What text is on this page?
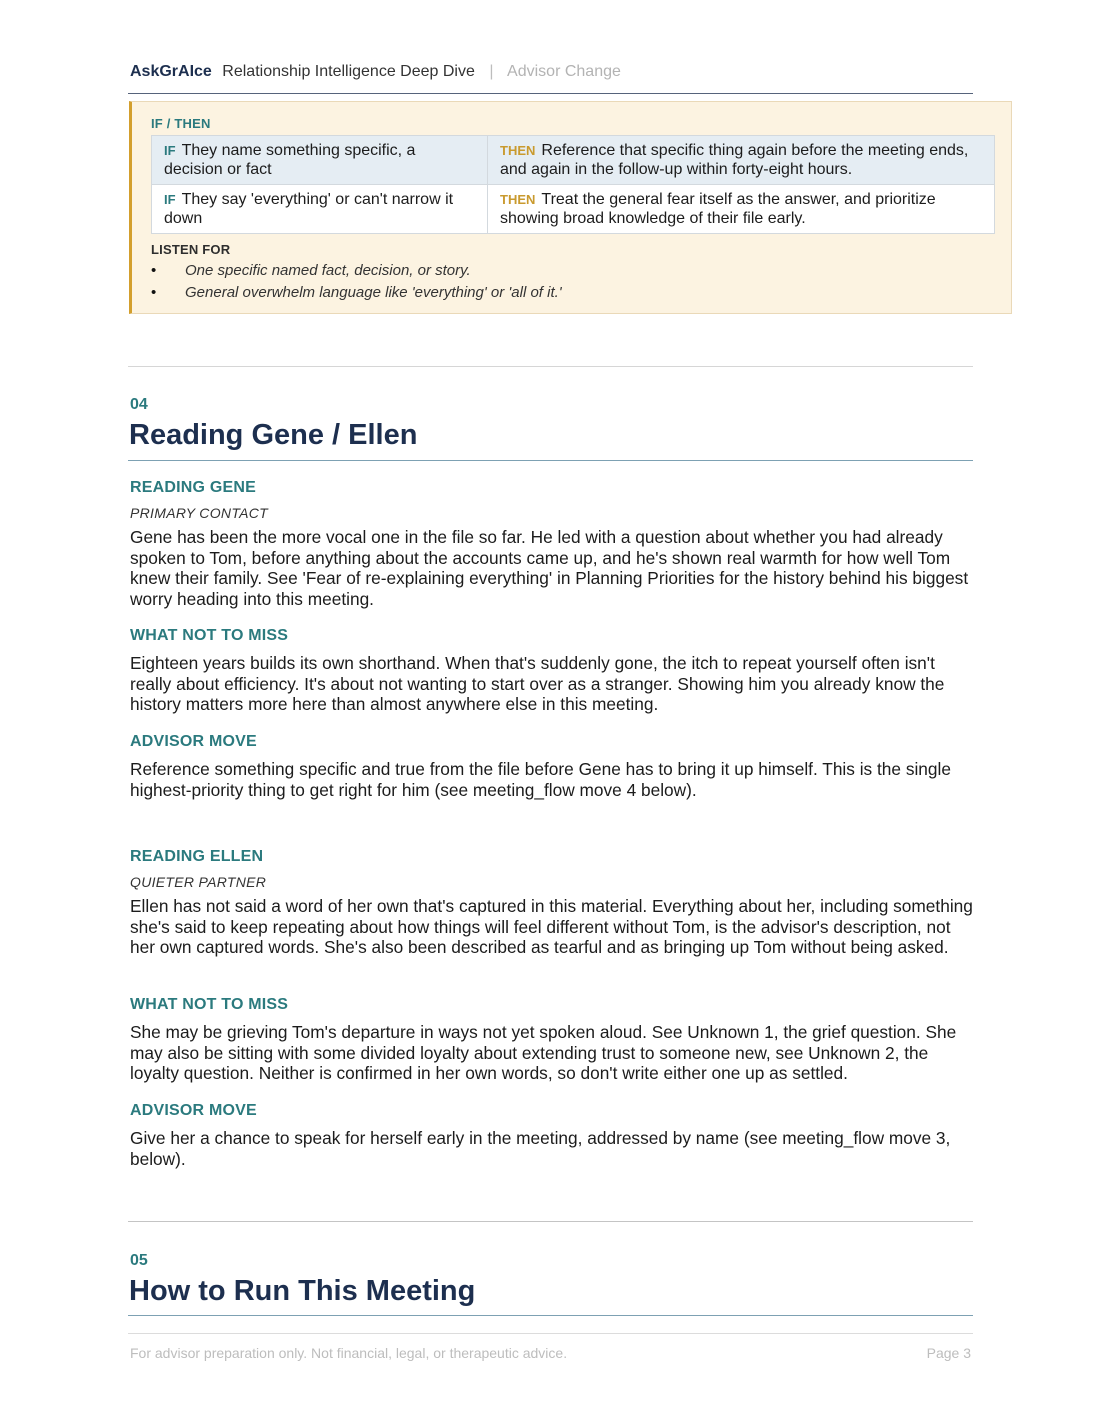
AskGrAIce Relationship Intelligence Deep Dive | Advisor Change
IF / THEN
IF They name something specific, a decision or fact	THEN Reference that specific thing again before the meeting ends, and again in the follow-up within forty-eight hours.
IF They say 'everything' or can't narrow it down	THEN Treat the general fear itself as the answer, and prioritize showing broad knowledge of their file early.
LISTEN FOR
• One specific named fact, decision, or story.
• General overwhelm language like 'everything' or 'all of it.'
04
Reading Gene / Ellen
READING GENE
PRIMARY CONTACT

Gene has been the more vocal one in the file so far. He led with a question about whether you had already spoken to Tom, before anything about the accounts came up, and he's shown real warmth for how well Tom knew their family. See 'Fear of re-explaining everything' in Planning Priorities for the history behind his biggest worry heading into this meeting.

WHAT NOT TO MISS

Eighteen years builds its own shorthand. When that's suddenly gone, the itch to repeat yourself often isn't really about efficiency. It's about not wanting to start over as a stranger. Showing him you already know the history matters more here than almost anywhere else in this meeting.

ADVISOR MOVE

Reference something specific and true from the file before Gene has to bring it up himself. This is the single highest-priority thing to get right for him (see meeting_flow move 4 below).

READING ELLEN
QUIETER PARTNER

Ellen has not said a word of her own that's captured in this material. Everything about her, including something she's said to keep repeating about how things will feel different without Tom, is the advisor's description, not her own captured words. She's also been described as tearful and as bringing up Tom without being asked.

WHAT NOT TO MISS

She may be grieving Tom's departure in ways not yet spoken aloud. See Unknown 1, the grief question. She may also be sitting with some divided loyalty about extending trust to someone new, see Unknown 2, the loyalty question. Neither is confirmed in her own words, so don't write either one up as settled.

ADVISOR MOVE

Give her a chance to speak for herself early in the meeting, addressed by name (see meeting_flow move 3, below).

05
How to Run This Meeting
For advisor preparation only. Not financial, legal, or therapeutic advice.	Page 3
